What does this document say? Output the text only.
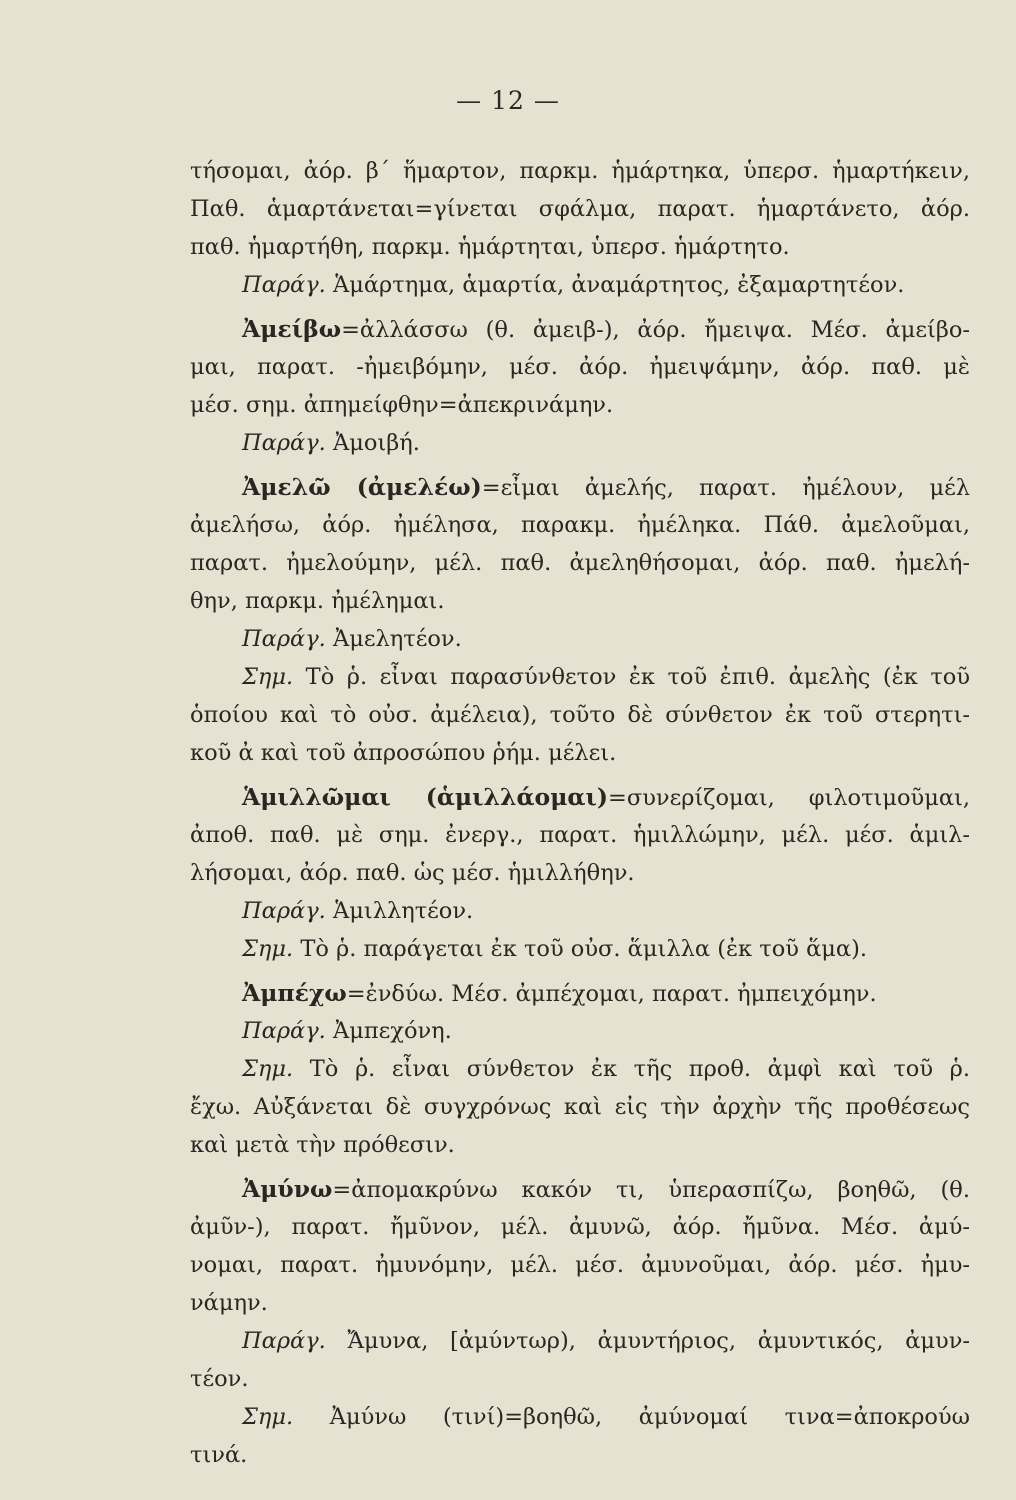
— 12 —
τήσομαι, ἀόρ. β΄ ἥμαρτον, παρκμ. ἡμάρτηκα, ὑπερσ. ἡμαρτήκειν,
Παθ. ἁμαρτάνεται=γίνεται σφάλμα, παρατ. ἡμαρτάνετο, ἀόρ.
παθ. ἡμαρτήθη, παρκμ. ἡμάρτηται, ὑπερσ. ἡμάρτητο.
Παράγ. Ἁμάρτημα, ἁμαρτία, ἀναμάρτητος, ἐξαμαρτητέον.
Ἀμείβω=ἀλλάσσω (θ. ἀμειβ-), ἀόρ. ἤμειψα. Μέσ. ἀμείβο-
μαι, παρατ. -ἠμειβόμην, μέσ. ἀόρ. ἠμειψάμην, ἀόρ. παθ. μὲ
μέσ. σημ. ἀπημείφθην=ἀπεκρινάμην.
Παράγ. Ἀμοιβή.
Ἀμελῶ (ἀμελέω)=εἶμαι ἀμελής, παρατ. ἠμέλουν, μέλ
ἀμελήσω, ἀόρ. ἠμέλησα, παρακμ. ἠμέληκα. Πάθ. ἀμελοῦμαι,
παρατ. ἠμελούμην, μέλ. παθ. ἀμεληθήσομαι, ἀόρ. παθ. ἠμελή-
θην, παρκμ. ἠμέλημαι.
Παράγ. Ἀμελητέον.
Σημ. Τὸ ῥ. εἶναι παρασύνθετον ἐκ τοῦ ἐπιθ. ἀμελὴς (ἐκ τοῦ
ὁποίου καὶ τὸ οὐσ. ἀμέλεια), τοῦτο δὲ σύνθετον ἐκ τοῦ στερητι-
κοῦ ἀ καὶ τοῦ ἀπροσώπου ῥήμ. μέλει.
Ἁμιλλῶμαι (ἁμιλλάομαι)=συνερίζομαι, φιλοτιμοῦμαι,
ἀποθ. παθ. μὲ σημ. ἐνεργ., παρατ. ἡμιλλώμην, μέλ. μέσ. ἁμιλ-
λήσομαι, ἀόρ. παθ. ὡς μέσ. ἡμιλλήθην.
Παράγ. Ἁμιλλητέον.
Σημ. Τὸ ῥ. παράγεται ἐκ τοῦ οὐσ. ἅμιλλα (ἐκ τοῦ ἅμα).
Ἀμπέχω=ἐνδύω. Μέσ. ἀμπέχομαι, παρατ. ἠμπειχόμην.
Παράγ. Ἀμπεχόνη.
Σημ. Τὸ ῥ. εἶναι σύνθετον ἐκ τῆς προθ. ἀμφὶ καὶ τοῦ ῥ.
ἔχω. Αὐξάνεται δὲ συγχρόνως καὶ εἰς τὴν ἀρχὴν τῆς προθέσεως
καὶ μετὰ τὴν πρόθεσιν.
Ἀμύνω=ἀπομακρύνω κακόν τι, ὑπερασπίζω, βοηθῶ, (θ.
ἀμῦν-), παρατ. ἤμῦνον, μέλ. ἀμυνῶ, ἀόρ. ἤμῦνα. Μέσ. ἀμύ-
νομαι, παρατ. ἠμυνόμην, μέλ. μέσ. ἀμυνοῦμαι, ἀόρ. μέσ. ἠμυ-
νάμην.
Παράγ. Ἄμυνα, [ἀμύντωρ), ἀμυντήριος, ἀμυντικός, ἀμυν-
τέον.
Σημ. Ἀμύνω (τινί)=βοηθῶ, ἀμύνομαί τινα=ἀποκρούω
τινά.
